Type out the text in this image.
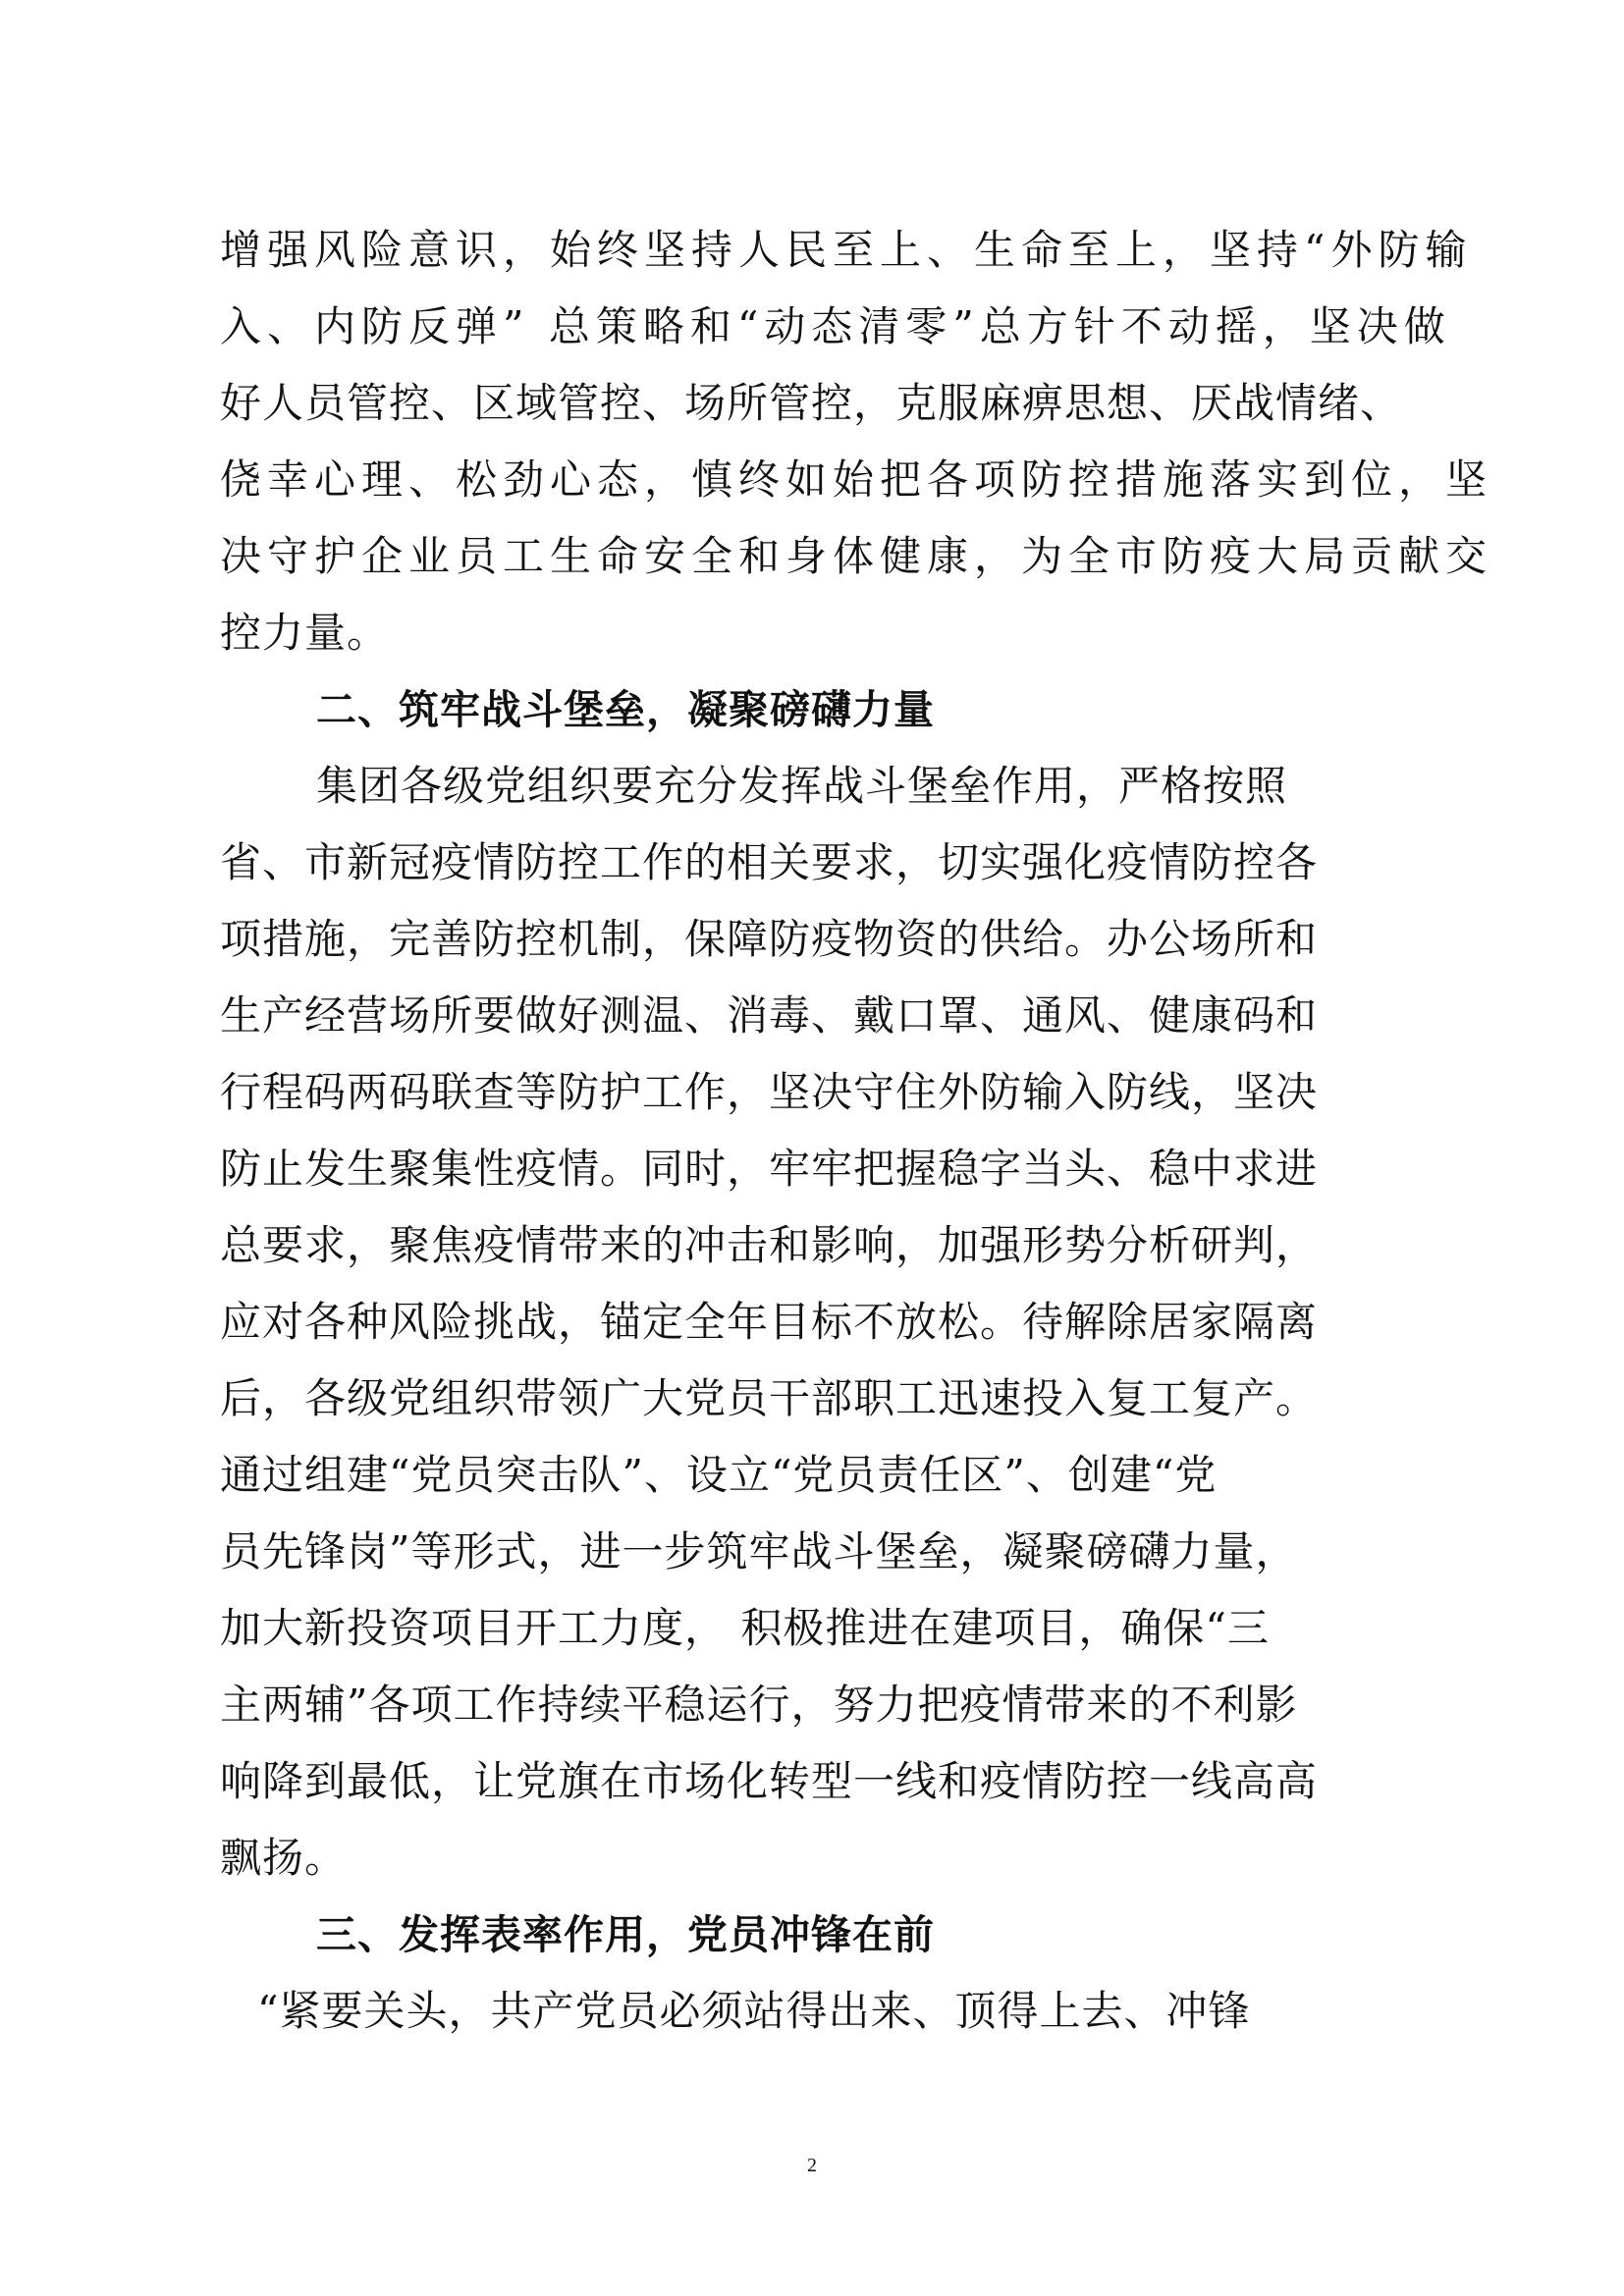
增强风险意识，始终坚持人民至上、生命至上，坚持“外防输
入、内防反弹” 总策略和“动态清零”总方针不动摇，坚决做
好人员管控、区域管控、场所管控，克服麻痹思想、厌战情绪、
侥幸心理、松劲心态，慎终如始把各项防控措施落实到位，坚
决守护企业员工生命安全和身体健康，为全市防疫大局贡献交
控力量。
二、筑牢战斗堡垒，凝聚磅礴力量
集团各级党组织要充分发挥战斗堡垒作用，严格按照
省、市新冠疫情防控工作的相关要求，切实强化疫情防控各
项措施，完善防控机制，保障防疫物资的供给。办公场所和
生产经营场所要做好测温、消毒、戴口罩、通风、健康码和
行程码两码联查等防护工作，坚决守住外防输入防线，坚决
防止发生聚集性疫情。同时，牢牢把握稳字当头、稳中求进
总要求，聚焦疫情带来的冲击和影响，加强形势分析研判，
应对各种风险挑战，锚定全年目标不放松。待解除居家隔离
后，各级党组织带领广大党员干部职工迅速投入复工复产。
通过组建“党员突击队”、设立“党员责任区”、创建“党
员先锋岗”等形式，进一步筑牢战斗堡垒，凝聚磅礴力量，
加大新投资项目开工力度， 积极推进在建项目，确保“三
主两辅”各项工作持续平稳运行，努力把疫情带来的不利影
响降到最低，让党旗在市场化转型一线和疫情防控一线高高
飘扬。
三、发挥表率作用，党员冲锋在前
“紧要关头，共产党员必须站得出来、顶得上去、冲锋
2
